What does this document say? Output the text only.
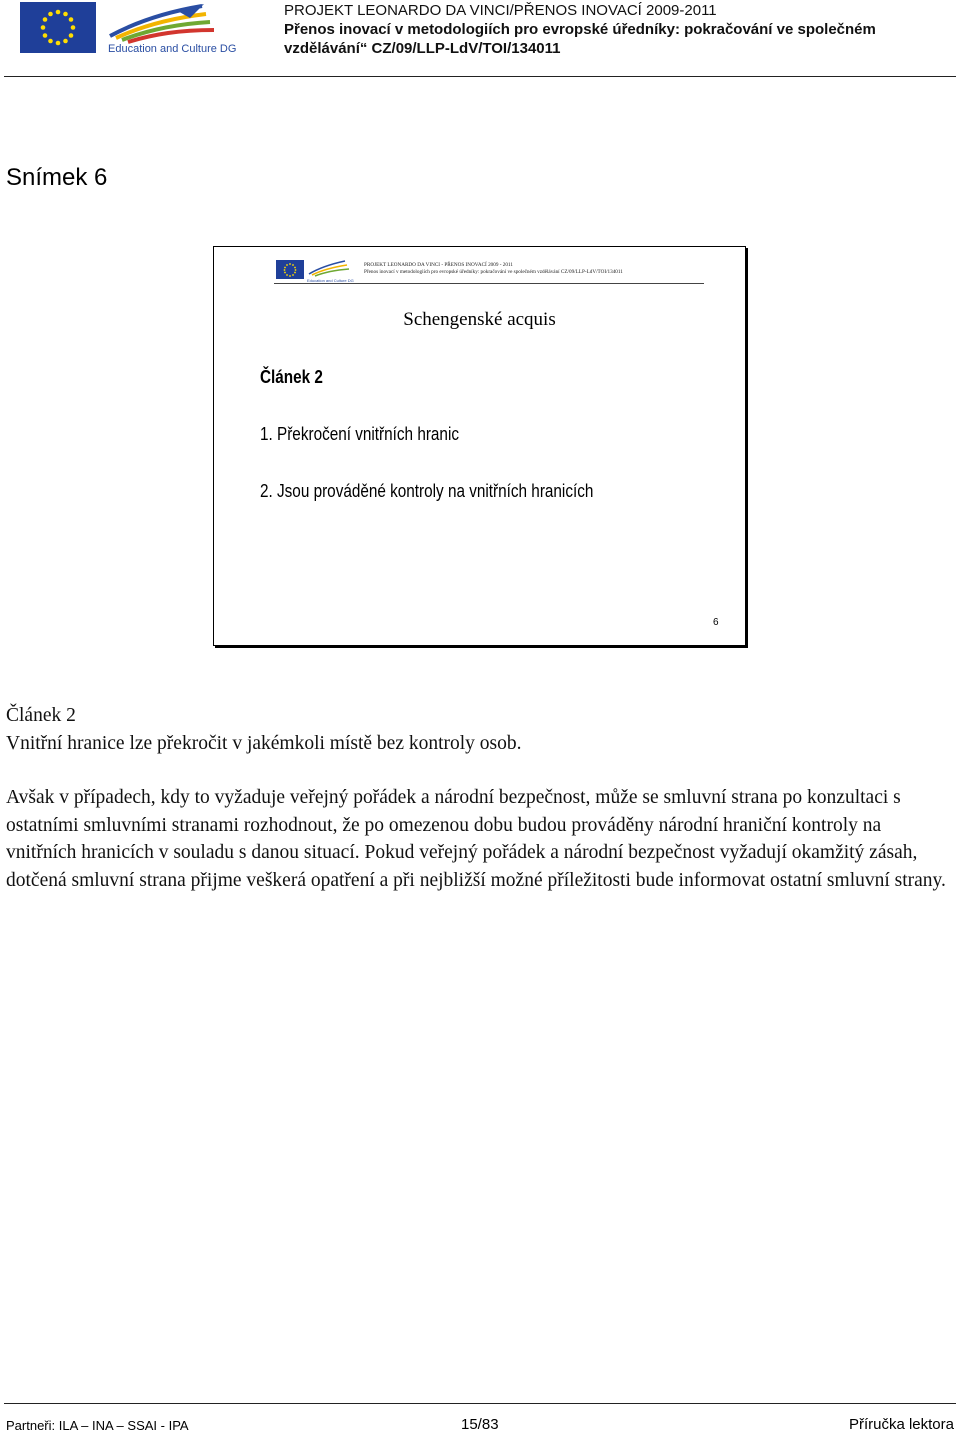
Education and Culture DG
PROJEKT LEONARDO DA VINCI/PŘENOS INOVACÍ 2009-2011
Přenos inovací v metodologiích pro evropské úředníky: pokračování ve společném
vzdělávání“ CZ/09/LLP-LdV/TOI/134011
Snímek 6
Education and Culture DG
PROJEKT LEONARDO DA VINCI - PŘENOS INOVACÍ 2009 - 2011
Přenos inovací v metodologiích pro evropské úředníky: pokračování ve společném vzdělávání CZ/09/LLP-LdV/TOI/134011
Schengenské acquis
Článek 2
1. Překročení vnitřních hranic
2. Jsou prováděné kontroly na vnitřních hranicích
6

Článek 2

Vnitřní hranice lze překročit v jakémkoli místě bez kontroly osob.

Avšak v případech, kdy to vyžaduje veřejný pořádek a národní bezpečnost, může se smluvní strana po konzultaci s ostatními smluvními stranami rozhodnout, že po omezenou dobu budou prováděny národní hraniční kontroly na vnitřních hranicích v souladu s danou situací. Pokud veřejný pořádek a národní bezpečnost vyžadují okamžitý zásah, dotčená smluvní strana přijme veškerá opatření a při nejbližší možné příležitosti bude informovat ostatní smluvní strany.

Partneři: ILA – INA – SSAI - IPA	15/83	Příručka lektora
